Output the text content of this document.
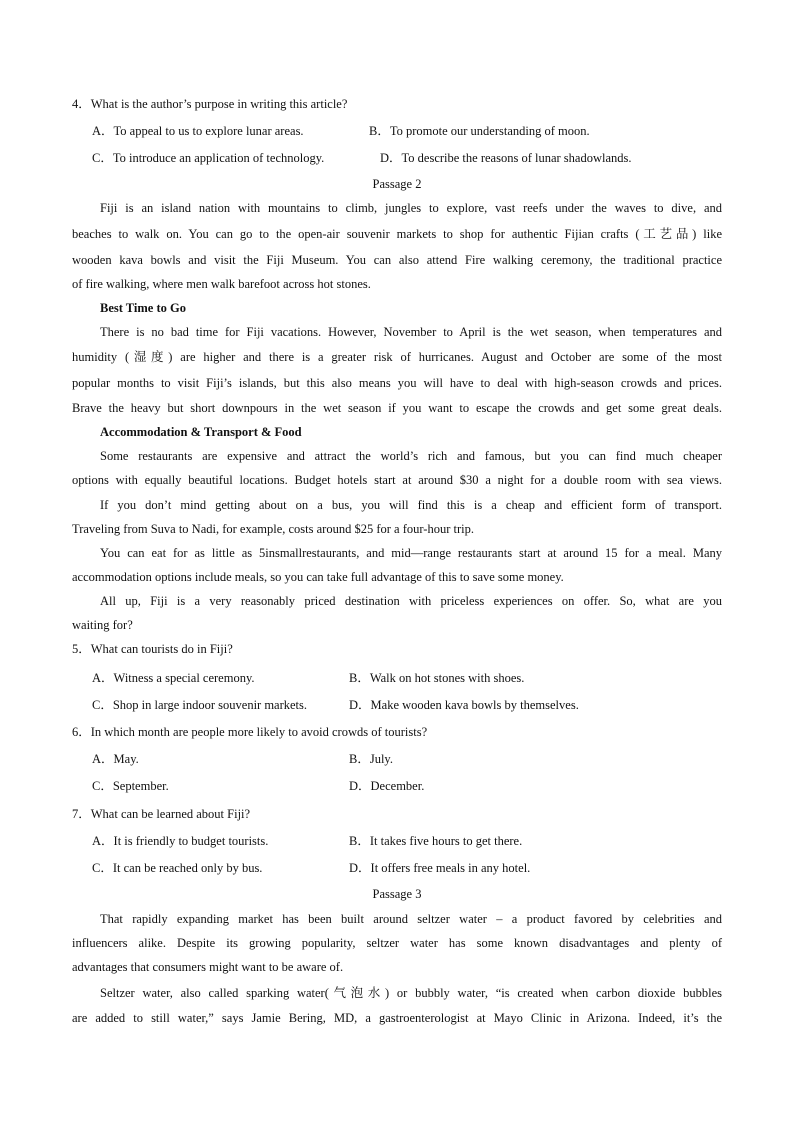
4．What is the author’s purpose in writing this article?
A．To appeal to us to explore lunar areas.	B．To promote our understanding of moon.
C．To introduce an application of technology.	D．To describe the reasons of lunar shadowlands.
Passage 2
Fiji is an island nation with mountains to climb, jungles to explore, vast reefs under the waves to dive, and
beaches to walk on. You can go to the open-air souvenir markets to shop for authentic Fijian crafts (工艺品) like
wooden kava bowls and visit the Fiji Museum. You can also attend Fire walking ceremony, the traditional practice
of fire walking, where men walk barefoot across hot stones.
Best Time to Go
There is no bad time for Fiji vacations. However, November to April is the wet season, when temperatures and
humidity (湿度) are higher and there is a greater risk of hurricanes. August and October are some of the most
popular months to visit Fiji’s islands, but this also means you will have to deal with high-season crowds and prices.
Brave the heavy but short downpours in the wet season if you want to escape the crowds and get some great deals.
Accommodation & Transport & Food
Some restaurants are expensive and attract the world’s rich and famous, but you can find much cheaper
options with equally beautiful locations. Budget hotels start at around $30 a night for a double room with sea views.
If you don’t mind getting about on a bus, you will find this is a cheap and efficient form of transport.
Traveling from Suva to Nadi, for example, costs around $25 for a four-hour trip.
You can eat for as little as 5insmallrestaurants, and mid—range restaurants start at around 15 for a meal. Many
accommodation options include meals, so you can take full advantage of this to save some money.
All up, Fiji is a very reasonably priced destination with priceless experiences on offer. So, what are you
waiting for?
5．What can tourists do in Fiji?
A．Witness a special ceremony.	B．Walk on hot stones with shoes.
C．Shop in large indoor souvenir markets.	D．Make wooden kava bowls by themselves.
6．In which month are people more likely to avoid crowds of tourists?
A．May.	B．July.
C．September.	D．December.
7．What can be learned about Fiji?
A．It is friendly to budget tourists.	B．It takes five hours to get there.
C．It can be reached only by bus.	D．It offers free meals in any hotel.
Passage 3
That rapidly expanding market has been built around seltzer water – a product favored by celebrities and
influencers alike. Despite its growing popularity, seltzer water has some known disadvantages and plenty of
advantages that consumers might want to be aware of.
Seltzer water, also called sparking water(气泡水) or bubbly water, “is created when carbon dioxide bubbles
are added to still water,” says Jamie Bering, MD, a gastroenterologist at Mayo Clinic in Arizona. Indeed, it’s the
